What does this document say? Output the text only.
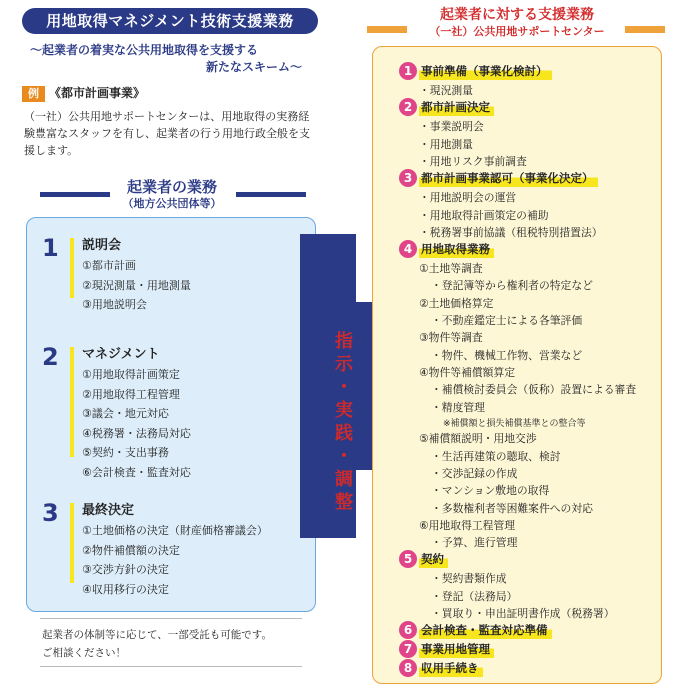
用地取得マネジメント技術支援業務
～起業者の着実な公共用地取得を支援する
新たなスキーム～
例 《都市計画事業》
（一社）公共用地サポートセンターは、用地取得の実務経験豊富なスタッフを有し、起業者の行う用地行政全般を支援します。
起業者の業務
（地方公共団体等）
1 説明会
①都市計画
②現況測量・用地測量
③用地説明会
2 マネジメント
①用地取得計画策定
②用地取得工程管理
③議会・地元対応
④税務署・法務局対応
⑤契約・支出事務
⑥会計検査・監査対応
3 最終決定
①土地価格の決定（財産価格審議会）
②物件補償額の決定
③交渉方針の決定
④収用移行の決定
起業者の体制等に応じて、一部受託も可能です。
ご相談ください！
指
示
・
実
践
・
調
整
起業者に対する支援業務
（一社）公共用地サポートセンター
1 事前準備（事業化検討）
・現況測量
2 都市計画決定
・事業説明会
・用地測量
・用地リスク事前調査
3 都市計画事業認可（事業化決定）
・用地説明会の運営
・用地取得計画策定の補助
・税務署事前協議（租税特別措置法）
4 用地取得業務
①土地等調査
・登記簿等から権利者の特定など
②土地価格算定
・不動産鑑定士による各筆評価
③物件等調査
・物件、機械工作物、営業など
④物件等補償額算定
・補償検討委員会（仮称）設置による審査
・精度管理
※補償額と損失補償基準との整合等
⑤補償額説明・用地交渉
・生活再建策の聴取、検討
・交渉記録の作成
・マンション敷地の取得
・多数権利者等困難案件への対応
⑥用地取得工程管理
・予算、進行管理
5 契約
・契約書類作成
・登記（法務局）
・買取り・申出証明書作成（税務署）
6 会計検査・監査対応準備
7 事業用地管理
8 収用手続き
